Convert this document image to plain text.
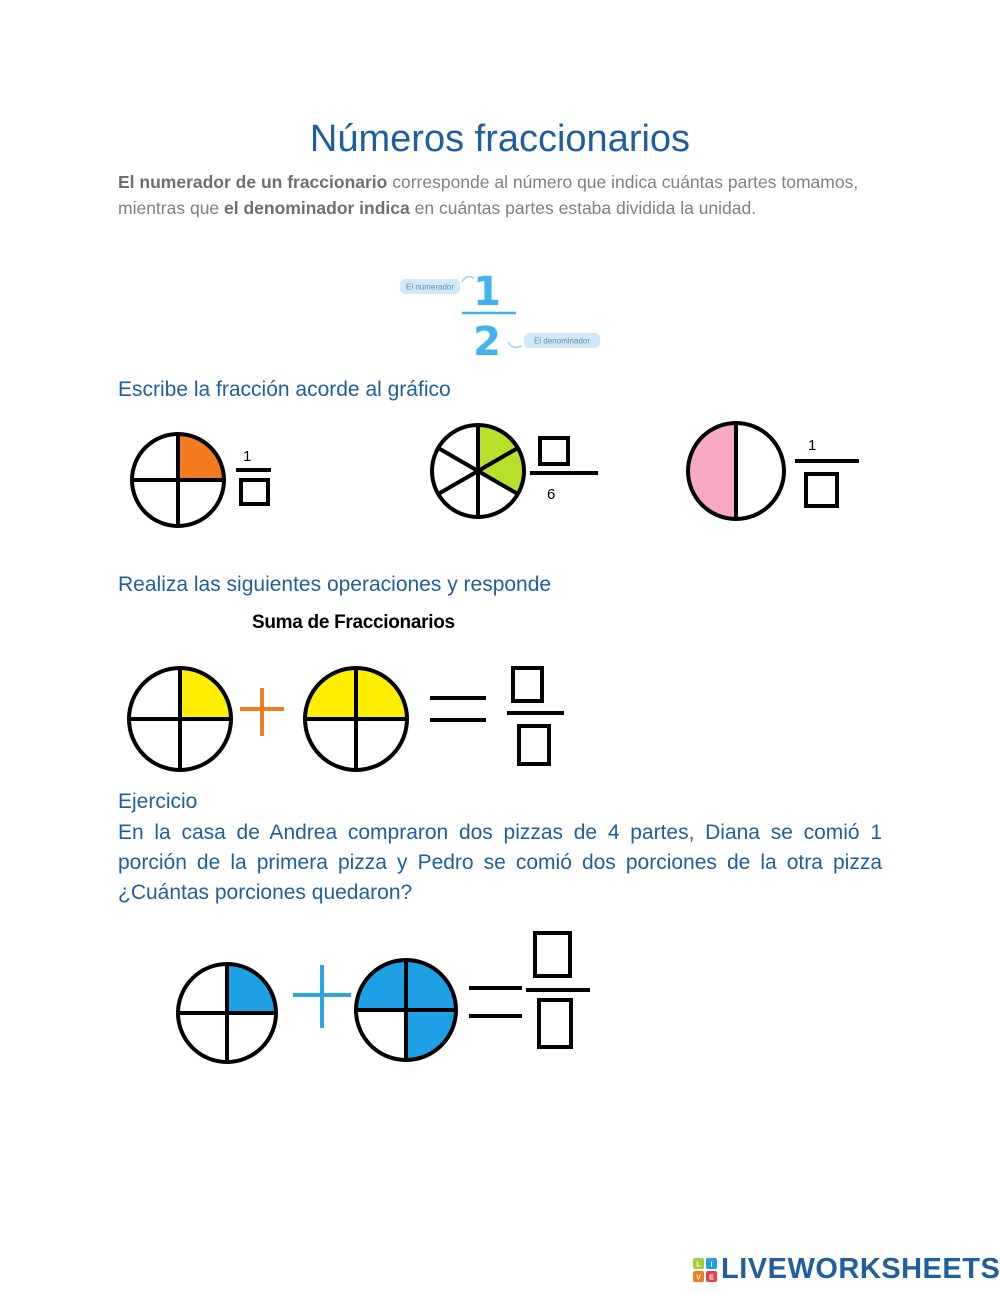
Números fraccionarios
El numerador de un fraccionario corresponde al número que indica cuántas partes tomamos, mientras que el denominador indica en cuántas partes estaba dividida la unidad.
El numerador 1
2	El denominador
Escribe la fracción acorde al gráfico
1
6
1
Realiza las siguientes operaciones y responde
Suma de Fraccionarios
Ejercicio
En la casa de Andrea compraron dos pizzas de 4 partes, Diana se comió 1 porción de la primera pizza y Pedro se comió dos porciones de la otra pizza ¿Cuántas porciones quedaron?
L I
V E LIVEWORKSHEETS
